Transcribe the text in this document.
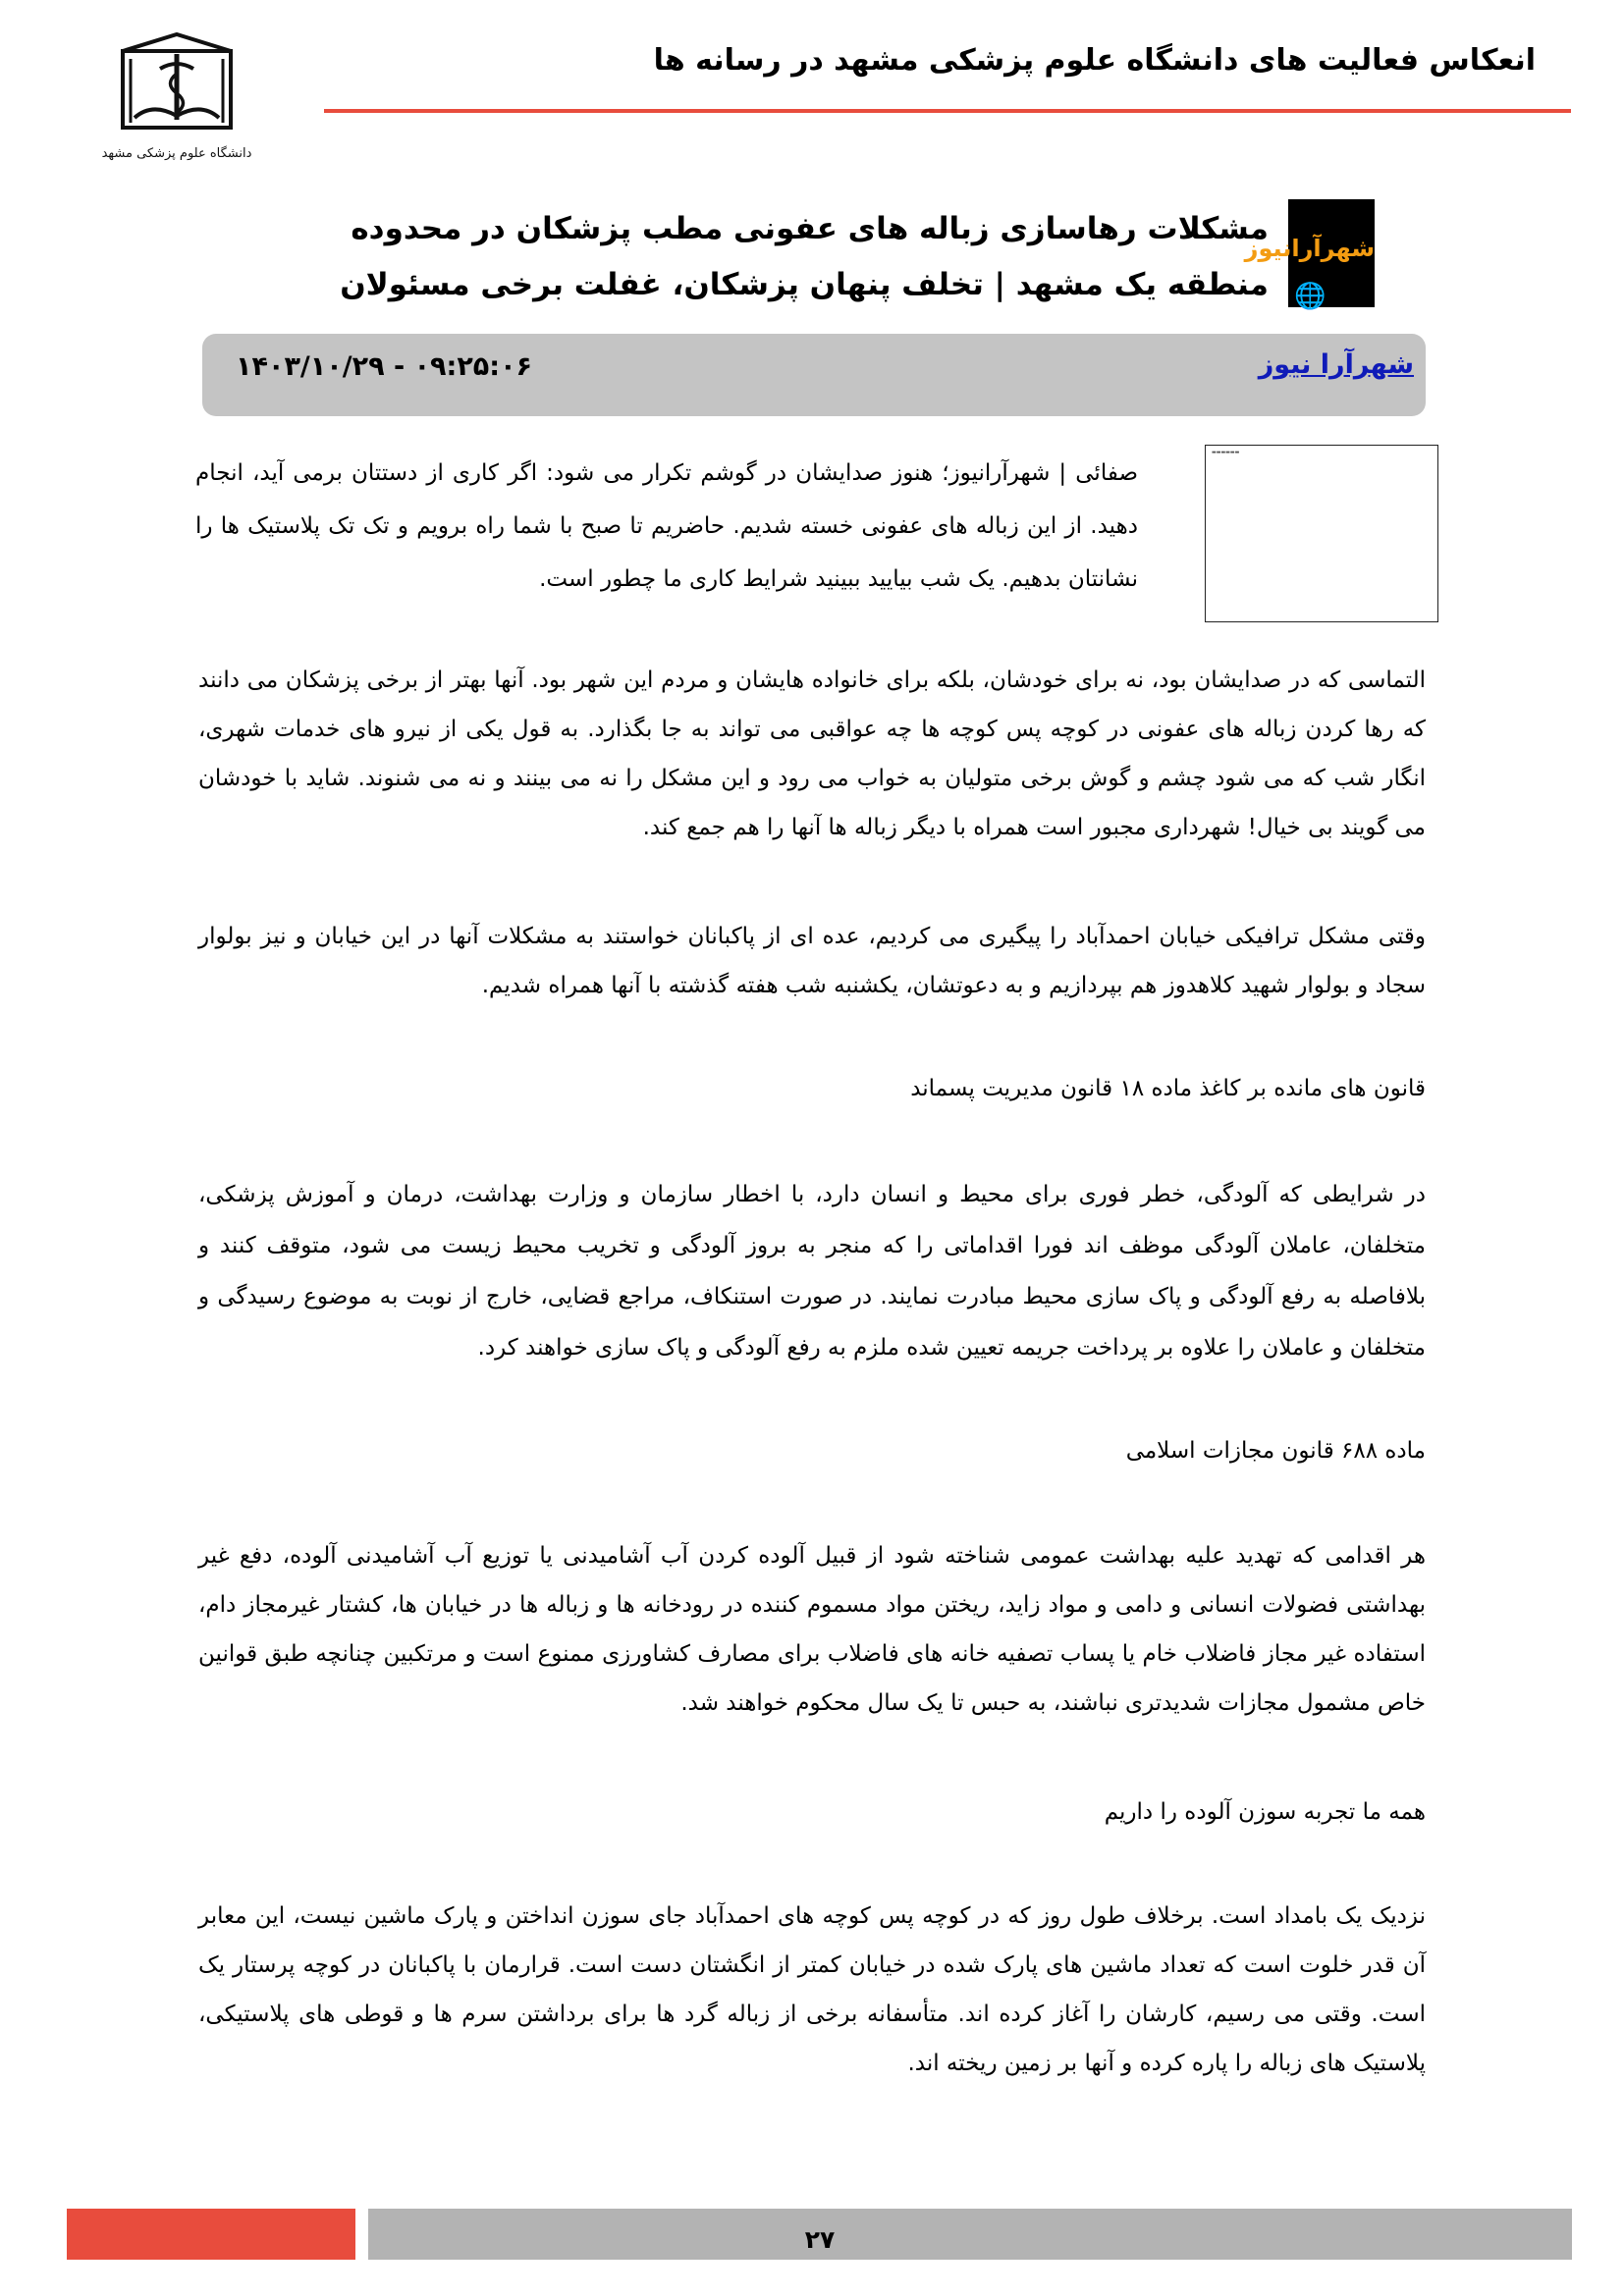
انعکاس فعالیت های دانشگاه علوم پزشکی مشهد در رسانه ها
دانشگاه علوم پزشکی مشهد
شهرآرانیوز
🌐
مشکلات رهاسازی زباله های عفونی مطب پزشکان در محدوده منطقه یک مشهد | تخلف پنهان پزشکان، غفلت برخی مسئولان
شهرآرا نیوز
۱۴۰۳/۱۰/۲۹ - ۰۹:۲۵:۰۶
▬▬▬▬▬▬
صفائی | شهرآرانیوز؛ هنوز صدایشان در گوشم تکرار می شود: اگر کاری از دستتان برمی آید، انجام دهید. از این زباله های عفونی خسته شدیم. حاضریم تا صبح با شما راه برویم و تک تک پلاستیک ها را نشانتان بدهیم. یک شب بیایید ببینید شرایط کاری ما چطور است.
التماسی که در صدایشان بود، نه برای خودشان، بلکه برای خانواده هایشان و مردم این شهر بود. آنها بهتر از برخی پزشکان می دانند که رها کردن زباله های عفونی در کوچه پس کوچه ها چه عواقبی می تواند به جا بگذارد. به قول یکی از نیرو های خدمات شهری، انگار شب که می شود چشم و گوش برخی متولیان به خواب می رود و این مشکل را نه می بینند و نه می شنوند. شاید با خودشان می گویند بی خیال! شهرداری مجبور است همراه با دیگر زباله ها آنها را هم جمع کند.
وقتی مشکل ترافیکی خیابان احمدآباد را پیگیری می کردیم، عده ای از پاکبانان خواستند به مشکلات آنها در این خیابان و نیز بولوار سجاد و بولوار شهید کلاهدوز هم بپردازیم و به دعوتشان، یکشنبه شب هفته گذشته با آنها همراه شدیم.
قانون های مانده بر کاغذ ماده ۱۸ قانون مدیریت پسماند
در شرایطی که آلودگی، خطر فوری برای محیط و انسان دارد، با اخطار سازمان و وزارت بهداشت، درمان و آموزش پزشکی، متخلفان، عاملان آلودگی موظف اند فورا اقداماتی را که منجر به بروز آلودگی و تخریب محیط زیست می شود، متوقف کنند و بلافاصله به رفع آلودگی و پاک سازی محیط مبادرت نمایند. در صورت استنکاف، مراجع قضایی، خارج از نوبت به موضوع رسیدگی و متخلفان و عاملان را علاوه بر پرداخت جریمه تعیین شده ملزم به رفع آلودگی و پاک سازی خواهند کرد.
ماده ۶۸۸ قانون مجازات اسلامی
هر اقدامی که تهدید علیه بهداشت عمومی شناخته شود از قبیل آلوده کردن آب آشامیدنی یا توزیع آب آشامیدنی آلوده، دفع غیر بهداشتی فضولات انسانی و دامی و مواد زاید، ریختن مواد مسموم کننده در رودخانه ها و زباله ها در خیابان ها، کشتار غیرمجاز دام، استفاده غیر مجاز فاضلاب خام یا پساب تصفیه خانه های فاضلاب برای مصارف کشاورزی ممنوع است و مرتکبین چنانچه طبق قوانین خاص مشمول مجازات شدیدتری نباشند، به حبس تا یک سال محکوم خواهند شد.
همه ما تجربه سوزن آلوده را داریم
نزدیک یک بامداد است. برخلاف طول روز که در کوچه پس کوچه های احمدآباد جای سوزن انداختن و پارک ماشین نیست، این معابر آن قدر خلوت است که تعداد ماشین های پارک شده در خیابان کمتر از انگشتان دست است. قرارمان با پاکبانان در کوچه پرستار یک است. وقتی می رسیم، کارشان را آغاز کرده اند. متأسفانه برخی از زباله گرد ها برای برداشتن سرم ها و قوطی های پلاستیکی، پلاستیک های زباله را پاره کرده و آنها بر زمین ریخته اند.
۲۷
